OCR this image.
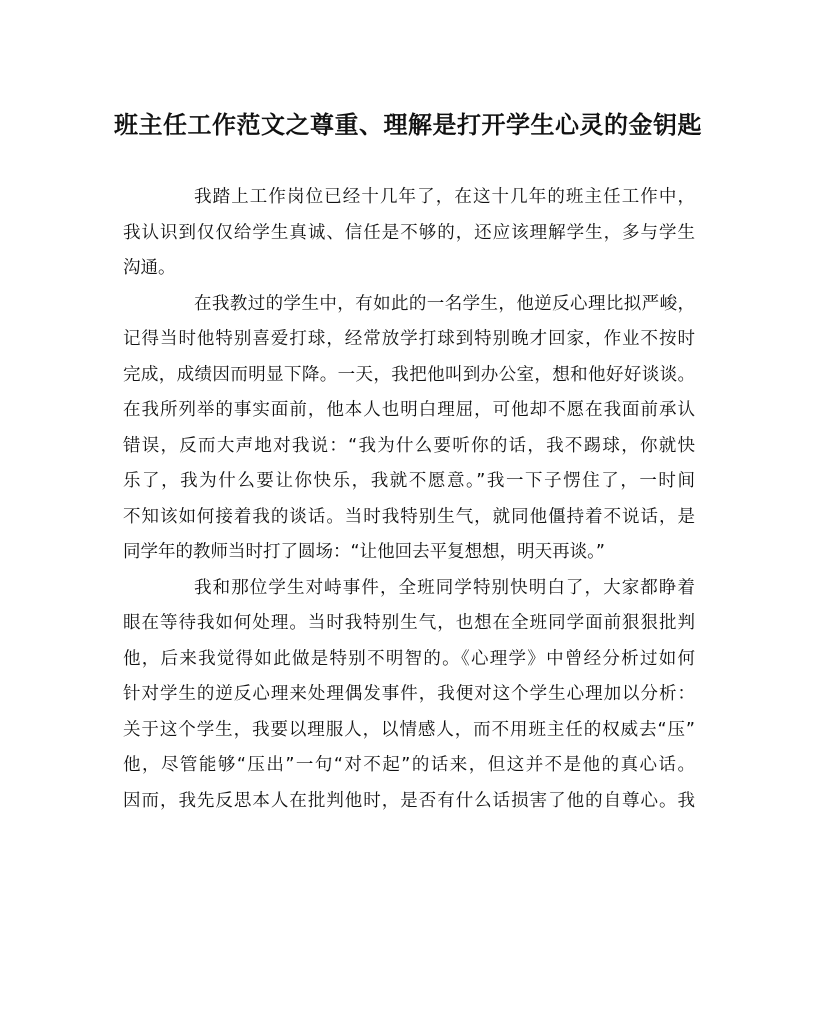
班主任工作范文之尊重、理解是打开学生心灵的金钥匙
我踏上工作岗位已经十几年了，在这十几年的班主任工作中，
我认识到仅仅给学生真诚、信任是不够的，还应该理解学生，多与学生
沟通。
在我教过的学生中，有如此的一名学生，他逆反心理比拟严峻，
记得当时他特别喜爱打球，经常放学打球到特别晚才回家，作业不按时
完成，成绩因而明显下降。一天，我把他叫到办公室，想和他好好谈谈。
在我所列举的事实面前，他本人也明白理屈，可他却不愿在我面前承认
错误，反而大声地对我说：“我为什么要听你的话，我不踢球，你就快
乐了，我为什么要让你快乐，我就不愿意。”我一下子愣住了，一时间
不知该如何接着我的谈话。当时我特别生气，就同他僵持着不说话，是
同学年的教师当时打了圆场：“让他回去平复想想，明天再谈。”
我和那位学生对峙事件，全班同学特别快明白了，大家都睁着
眼在等待我如何处理。当时我特别生气，也想在全班同学面前狠狠批判
他，后来我觉得如此做是特别不明智的。《心理学》中曾经分析过如何
针对学生的逆反心理来处理偶发事件，我便对这个学生心理加以分析：
关于这个学生，我要以理服人，以情感人，而不用班主任的权威去“压”
他，尽管能够“压出”一句“对不起”的话来，但这并不是他的真心话。
因而，我先反思本人在批判他时，是否有什么话损害了他的自尊心。我
